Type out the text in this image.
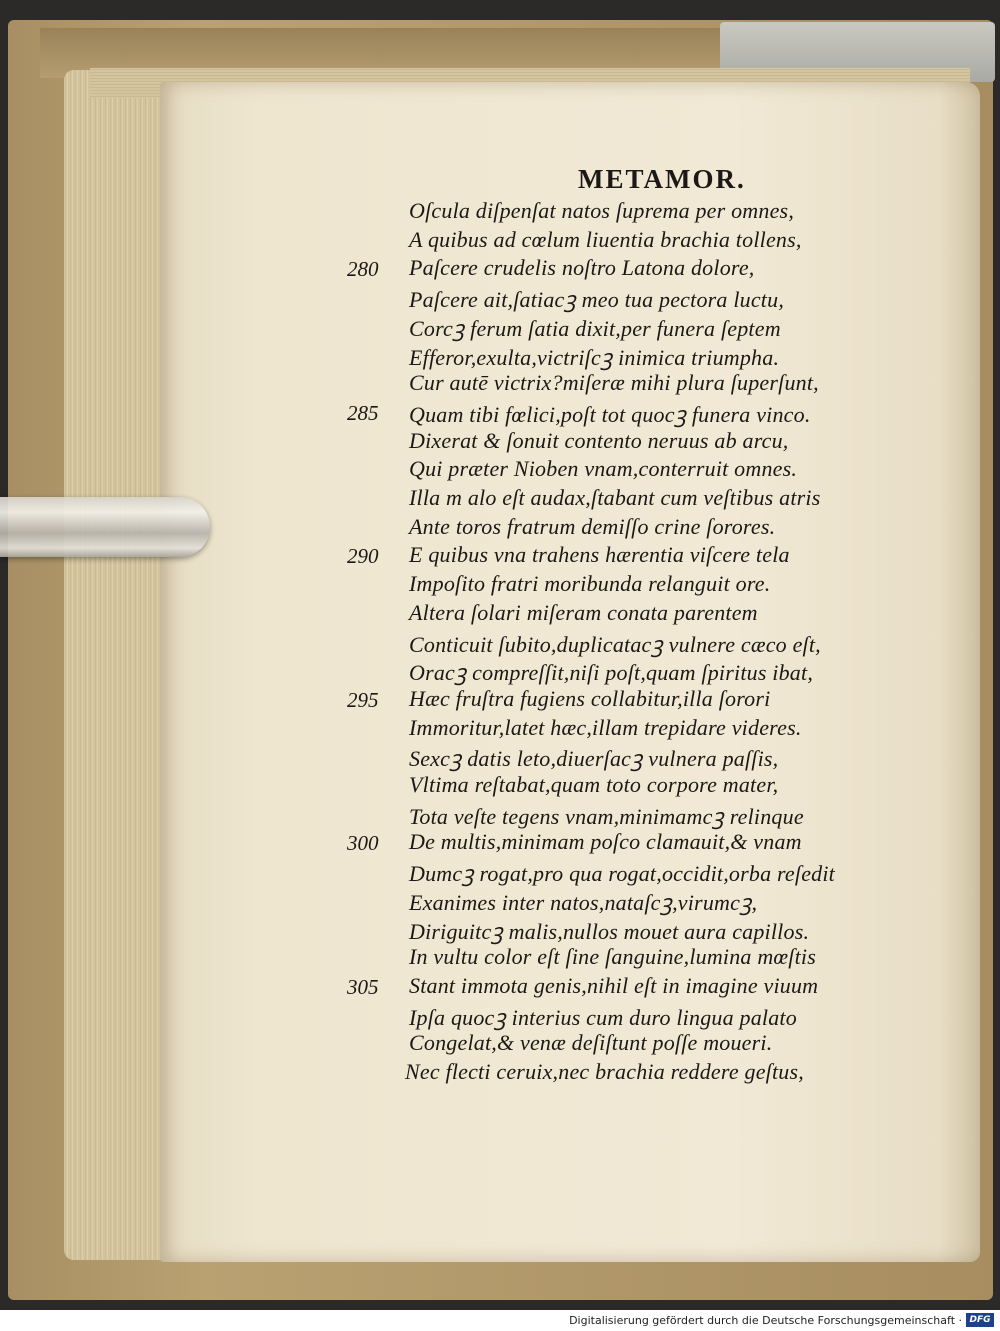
METAMOR.
Oſcula diſpenſat natos ſuprema per omnes,
A quibus ad cœlum liuentia brachia tollens,
Paſcere crudelis noſtro Latona dolore,
280
Paſcere ait,ſatiacꝫ meo tua pectora luctu,
Corcꝫ ferum ſatia dixit,per funera ſeptem
Efferor,exulta,victriſcꝫ inimica triumpha.
Cur autē victrix?miſeræ mihi plura ſuperſunt,
Quam tibi fœlici,poſt tot quocꝫ funera vinco.
285
Dixerat & ſonuit contento neruus ab arcu,
Qui præter Nioben vnam,conterruit omnes.
Illa m alo eſt audax,ſtabant cum veſtibus atris
Ante toros fratrum demiſſo crine ſorores.
E quibus vna trahens hærentia viſcere tela
290
Impoſito fratri moribunda relanguit ore.
Altera ſolari miſeram conata parentem
Conticuit ſubito,duplicatacꝫ vulnere cæco eſt,
Oracꝫ compreſſit,niſi poſt,quam ſpiritus ibat,
Hæc fruſtra fugiens collabitur,illa ſorori
295
Immoritur,latet hæc,illam trepidare videres.
Sexcꝫ datis leto,diuerſacꝫ vulnera paſſis,
Vltima reſtabat,quam toto corpore mater,
Tota veſte tegens vnam,minimamcꝫ relinque
De multis,minimam poſco clamauit,& vnam
300
Dumcꝫ rogat,pro qua rogat,occidit,orba reſedit
Exanimes inter natos,nataſcꝫ,virumcꝫ,
Diriguitcꝫ malis,nullos mouet aura capillos.
In vultu color eſt ſine ſanguine,lumina mœſtis
Stant immota genis,nihil eſt in imagine viuum
305
Ipſa quocꝫ interius cum duro lingua palato
Congelat,& venæ deſiſtunt poſſe moueri.
Nec flecti ceruix,nec brachia reddere geſtus,
Digitalisierung gefördert durch die Deutsche Forschungsgemeinschaft · DFG
